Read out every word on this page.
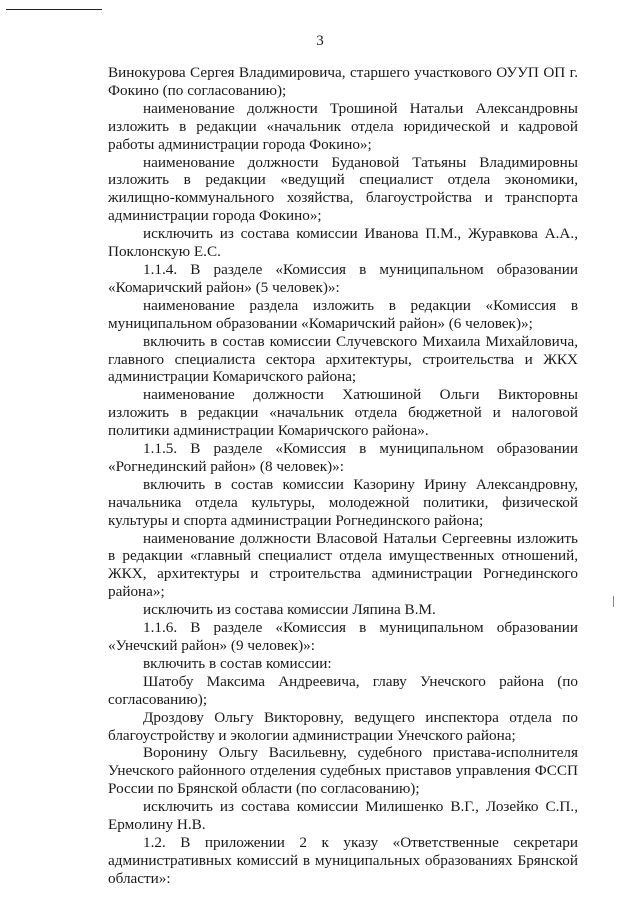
3

Винокурова Сергея Владимировича, старшего участкового ОУУП ОП г. Фокино (по согласованию);

наименование должности Трошиной Натальи Александровны изложить в редакции «начальник отдела юридической и кадровой работы администрации города Фокино»;

наименование должности Будановой Татьяны Владимировны изложить в редакции «ведущий специалист отдела экономики, жилищно-коммунального хозяйства, благоустройства и транспорта администрации города Фокино»;

исключить из состава комиссии Иванова П.М., Журавкова А.А., Поклонскую Е.С.

1.1.4. В разделе «Комиссия в муниципальном образовании «Комаричский район» (5 человек)»:

наименование раздела изложить в редакции «Комиссия в муниципальном образовании «Комаричский район» (6 человек)»;

включить в состав комиссии Случевского Михаила Михайловича, главного специалиста сектора архитектуры, строительства и ЖКХ администрации Комаричского района;

наименование должности Хатюшиной Ольги Викторовны изложить в редакции «начальник отдела бюджетной и налоговой политики администрации Комаричского района».

1.1.5. В разделе «Комиссия в муниципальном образовании «Рогнединский район» (8 человек)»:

включить в состав комиссии Казорину Ирину Александровну, начальника отдела культуры, молодежной политики, физической культуры и спорта администрации Рогнединского района;

наименование должности Власовой Натальи Сергеевны изложить в редакции «главный специалист отдела имущественных отношений, ЖКХ, архитектуры и строительства администрации Рогнединского района»;

исключить из состава комиссии Ляпина В.М.

1.1.6. В разделе «Комиссия в муниципальном образовании «Унечский район» (9 человек)»:

включить в состав комиссии:

Шатобу Максима Андреевича, главу Унечского района (по согласованию);

Дроздову Ольгу Викторовну, ведущего инспектора отдела по благоустройству и экологии администрации Унечского района;

Воронину Ольгу Васильевну, судебного пристава-исполнителя Унечского районного отделения судебных приставов управления ФССП России по Брянской области (по согласованию);

исключить из состава комиссии Милишенко В.Г., Лозейко С.П., Ермолину Н.В.

1.2. В приложении 2 к указу «Ответственные секретари административных комиссий в муниципальных образованиях Брянской области»:
